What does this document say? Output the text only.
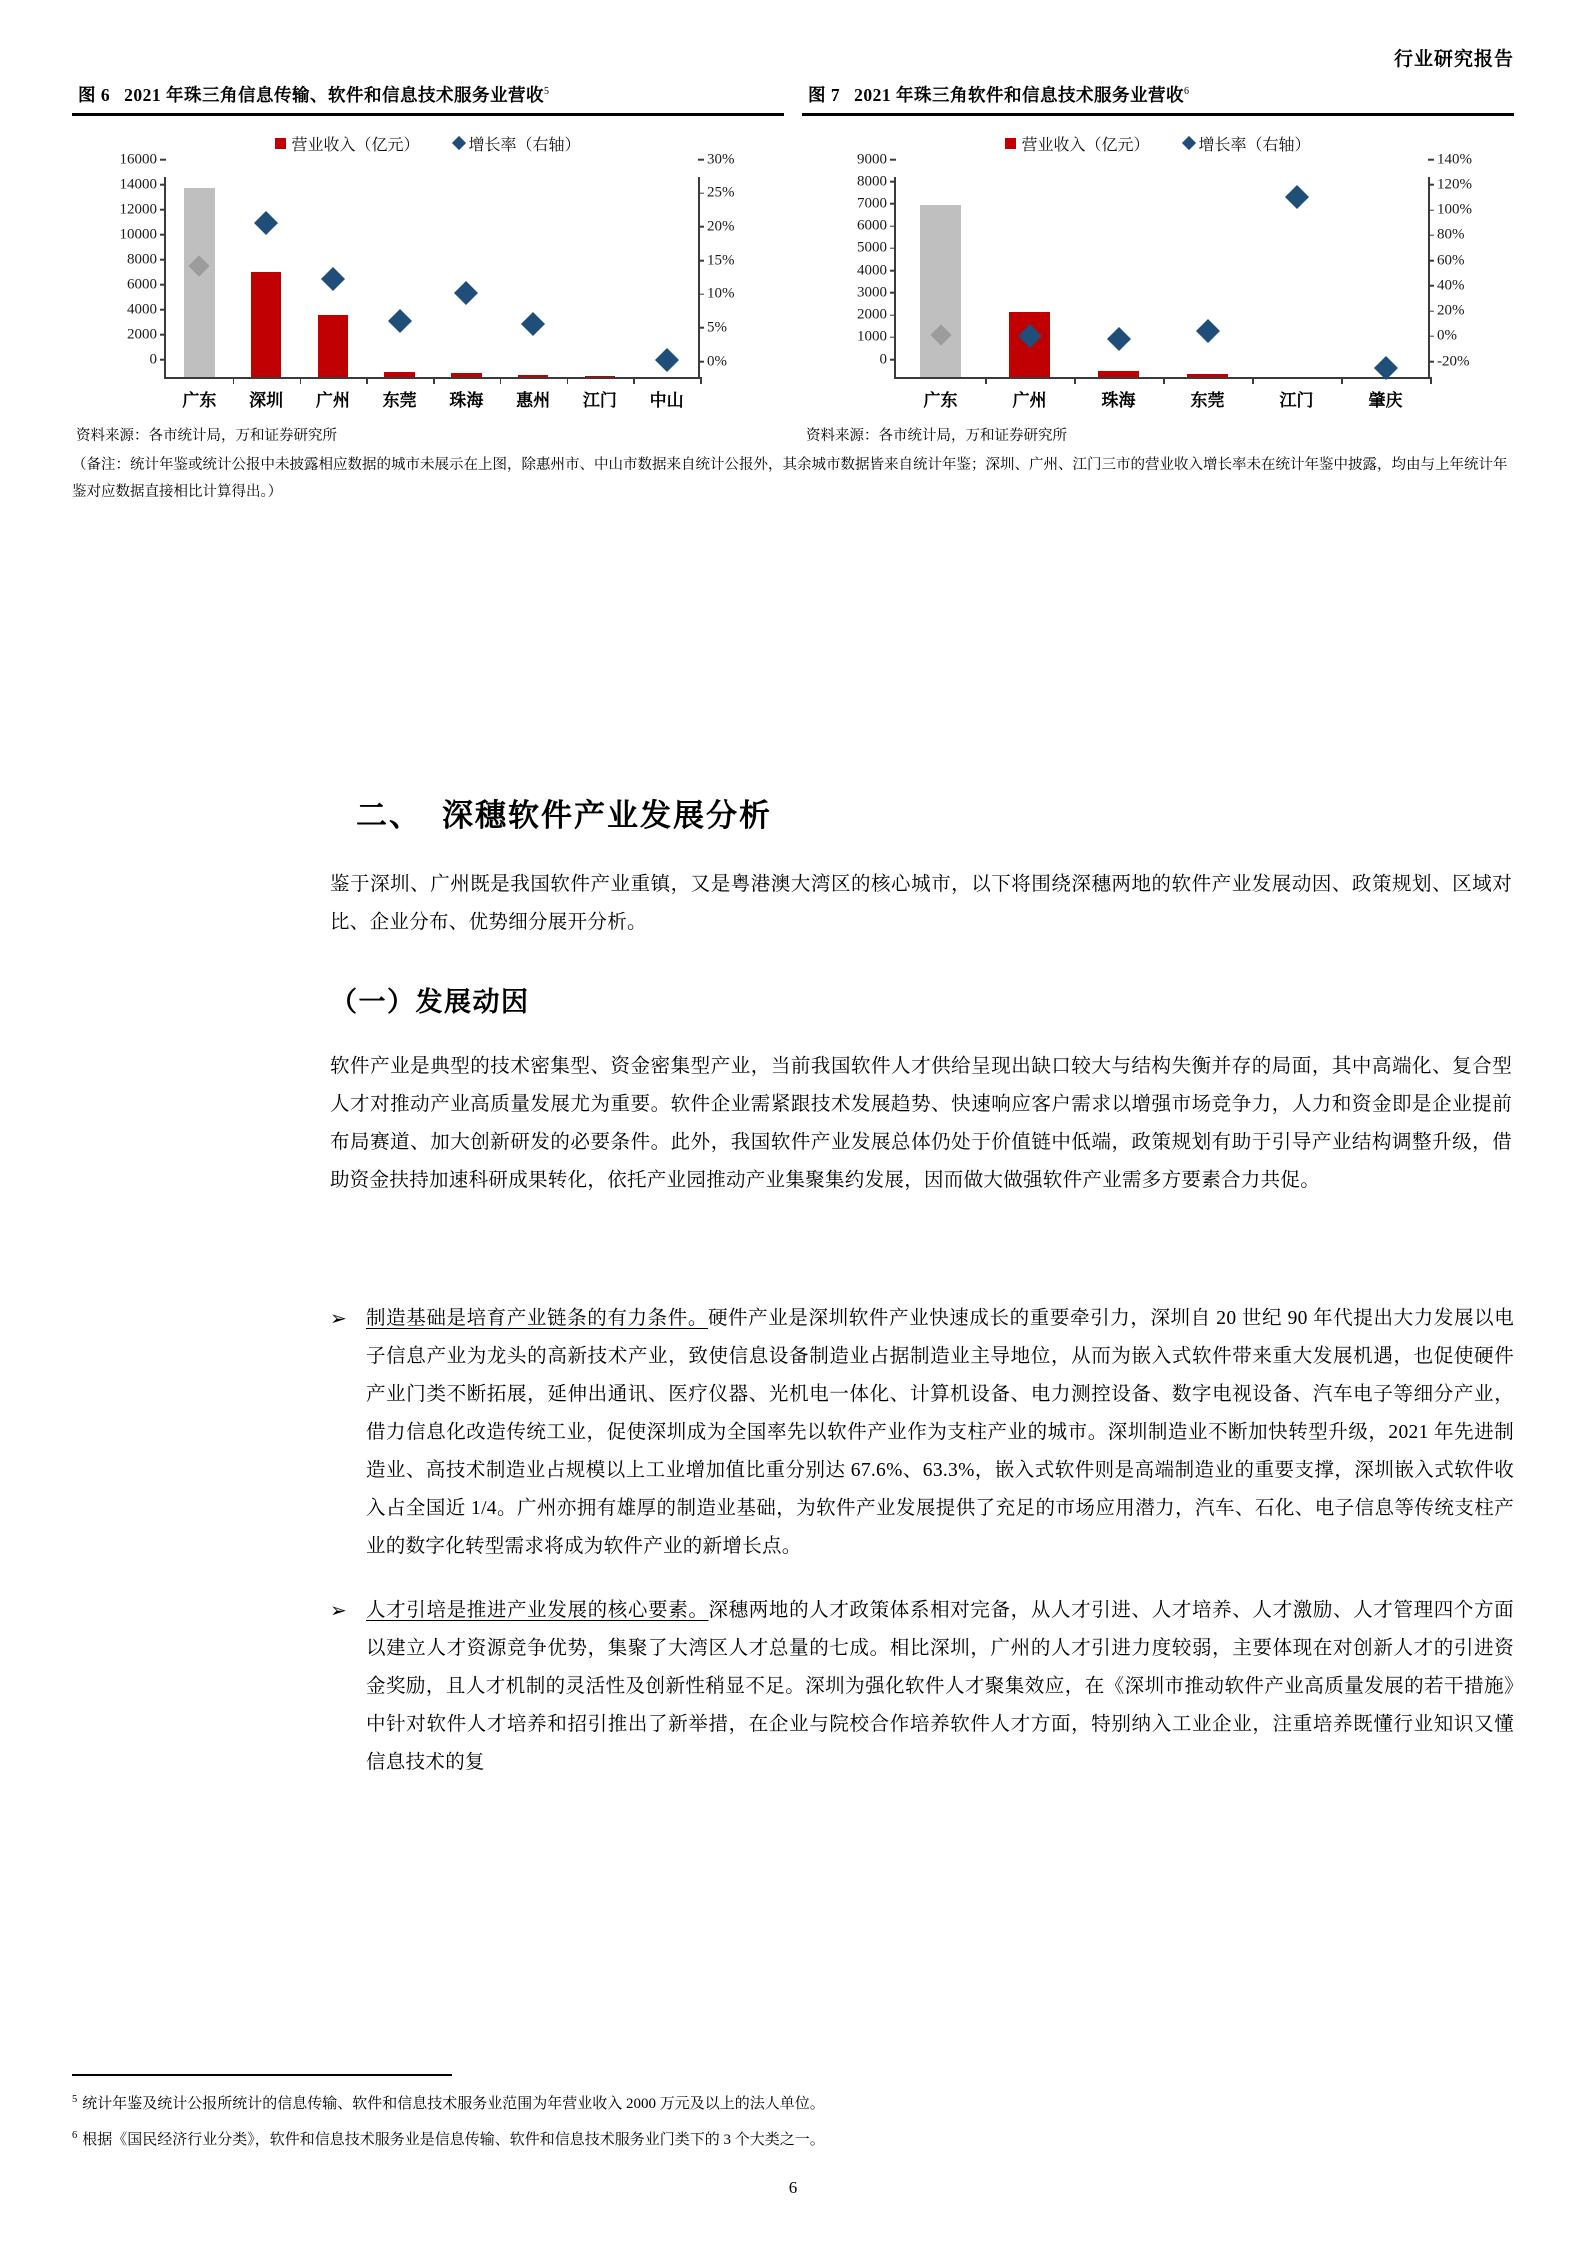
行业研究报告
图 6 2021 年珠三角信息传输、软件和信息技术服务业营收$^5$
营业收入（亿元）	增长率（右轴）
0
2000
4000
6000
8000
10000
12000
14000
16000
广东 深圳 广州 东莞 珠海 惠州 江门 中山
0%
5%
10%
15%
20%
25%
30%
资料来源：各市统计局，万和证券研究所
图 7 2021 年珠三角软件和信息技术服务业营收$^6$
营业收入（亿元）	增长率（右轴）
0
1000
2000
3000
4000
5000
6000
7000
8000
9000
广东	广州	珠海	东莞	江门	肇庆
-20%
0%
20%
40%
60%
80%
100%
120%
140%
资料来源：各市统计局，万和证券研究所
（备注：统计年鉴或统计公报中未披露相应数据的城市未展示在上图，除惠州市、中山市数据来自统计公报外，其余城市数据皆来自统计年鉴；深圳、广州、江门三市的营业收入增长率未在统计年鉴中披露，均由与上年统计年鉴对应数据直接相比计算得出。）
二、 深穗软件产业发展分析
鉴于深圳、广州既是我国软件产业重镇，又是粤港澳大湾区的核心城市，以下将围绕深穗两地的软件产业发展动因、政策规划、区域对比、企业分布、优势细分展开分析。
（一）发展动因
软件产业是典型的技术密集型、资金密集型产业，当前我国软件人才供给呈现出缺口较大与结构失衡并存的局面，其中高端化、复合型人才对推动产业高质量发展尤为重要。软件企业需紧跟技术发展趋势、快速响应客户需求以增强市场竞争力，人力和资金即是企业提前布局赛道、加大创新研发的必要条件。此外，我国软件产业发展总体仍处于价值链中低端，政策规划有助于引导产业结构调整升级，借助资金扶持加速科研成果转化，依托产业园推动产业集聚集约发展，因而做大做强软件产业需多方要素合力共促。
➢ 制造基础是培育产业链条的有力条件。硬件产业是深圳软件产业快速成长的重要牵引力，深圳自 20 世纪 90 年代提出大力发展以电子信息产业为龙头的高新技术产业，致使信息设备制造业占据制造业主导地位，从而为嵌入式软件带来重大发展机遇，也促使硬件产业门类不断拓展，延伸出通讯、医疗仪器、光机电一体化、计算机设备、电力测控设备、数字电视设备、汽车电子等细分产业，借力信息化改造传统工业，促使深圳成为全国率先以软件产业作为支柱产业的城市。深圳制造业不断加快转型升级，2021 年先进制造业、高技术制造业占规模以上工业增加值比重分别达 67.6%、63.3%，嵌入式软件则是高端制造业的重要支撑，深圳嵌入式软件收入占全国近 1/4。广州亦拥有雄厚的制造业基础，为软件产业发展提供了充足的市场应用潜力，汽车、石化、电子信息等传统支柱产业的数字化转型需求将成为软件产业的新增长点。
➢ 人才引培是推进产业发展的核心要素。深穗两地的人才政策体系相对完备，从人才引进、人才培养、人才激励、人才管理四个方面以建立人才资源竞争优势，集聚了大湾区人才总量的七成。相比深圳，广州的人才引进力度较弱，主要体现在对创新人才的引进资金奖励，且人才机制的灵活性及创新性稍显不足。深圳为强化软件人才聚集效应，在《深圳市推动软件产业高质量发展的若干措施》中针对软件人才培养和招引推出了新举措，在企业与院校合作培养软件人才方面，特别纳入工业企业，注重培养既懂行业知识又懂信息技术的复
$^5$ 统计年鉴及统计公报所统计的信息传输、软件和信息技术服务业范围为年营业收入 2000 万元及以上的法人单位。
$^6$ 根据《国民经济行业分类》，软件和信息技术服务业是信息传输、软件和信息技术服务业门类下的 3 个大类之一。
6
